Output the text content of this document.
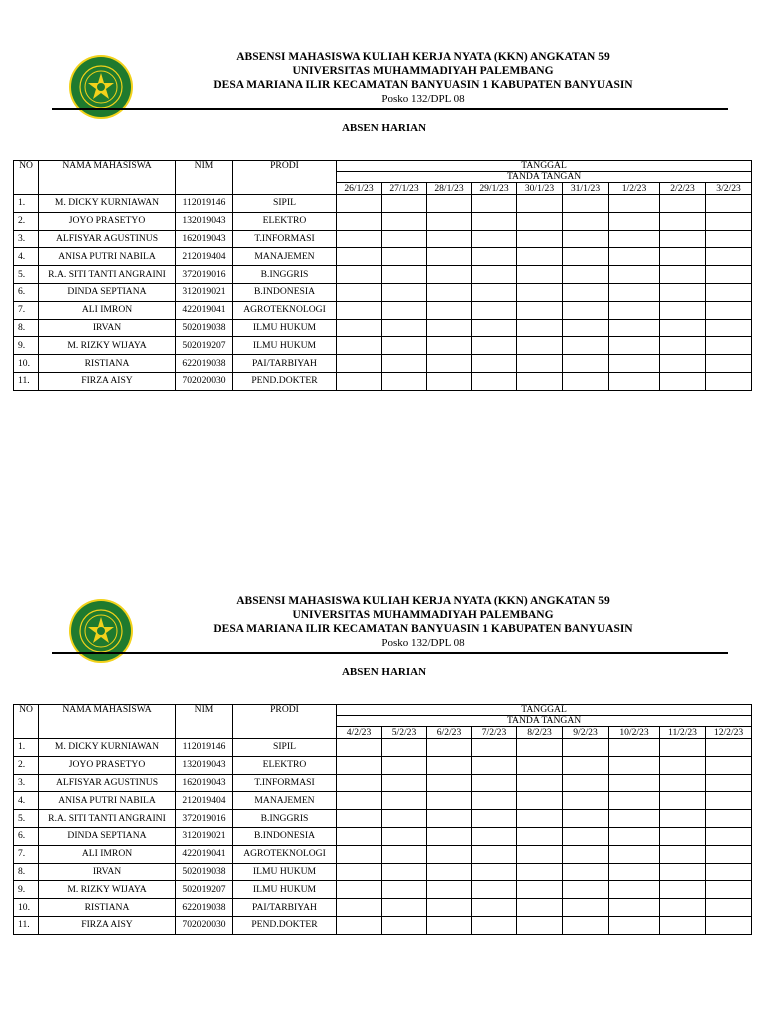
ABSENSI MAHASISWA KULIAH KERJA NYATA (KKN) ANGKATAN 59
UNIVERSITAS MUHAMMADIYAH PALEMBANG
DESA MARIANA ILIR KECAMATAN BANYUASIN 1 KABUPATEN BANYUASIN
Posko 132/DPL 08
ABSEN HARIAN
NO	NAMA MAHASISWA	NIM	PRODI	TANGGAL								
				TANDA TANGAN								
				26/1/23	27/1/23	28/1/23	29/1/23	30/1/23	31/1/23	1/2/23	2/2/23	3/2/23
1.	M. DICKY KURNIAWAN	112019146	SIPIL									
2.	JOYO PRASETYO	132019043	ELEKTRO									
3.	ALFISYAR AGUSTINUS	162019043	T.INFORMASI									
4.	ANISA PUTRI NABILA	212019404	MANAJEMEN									
5.	R.A. SITI TANTI ANGRAINI	372019016	B.INGGRIS									
6.	DINDA SEPTIANA	312019021	B.INDONESIA									
7.	ALI IMRON	422019041	AGROTEKNOLOGI									
8.	IRVAN	502019038	ILMU HUKUM									
9.	M. RIZKY WIJAYA	502019207	ILMU HUKUM									
10.	RISTIANA	622019038	PAI/TARBIYAH									
11.	FIRZA AISY	702020030	PEND.DOKTER									
ABSENSI MAHASISWA KULIAH KERJA NYATA (KKN) ANGKATAN 59
UNIVERSITAS MUHAMMADIYAH PALEMBANG
DESA MARIANA ILIR KECAMATAN BANYUASIN 1 KABUPATEN BANYUASIN
Posko 132/DPL 08
ABSEN HARIAN
NO	NAMA MAHASISWA	NIM	PRODI	TANGGAL								
				TANDA TANGAN								
				4/2/23	5/2/23	6/2/23	7/2/23	8/2/23	9/2/23	10/2/23	11/2/23	12/2/23
1.	M. DICKY KURNIAWAN	112019146	SIPIL									
2.	JOYO PRASETYO	132019043	ELEKTRO									
3.	ALFISYAR AGUSTINUS	162019043	T.INFORMASI									
4.	ANISA PUTRI NABILA	212019404	MANAJEMEN									
5.	R.A. SITI TANTI ANGRAINI	372019016	B.INGGRIS									
6.	DINDA SEPTIANA	312019021	B.INDONESIA									
7.	ALI IMRON	422019041	AGROTEKNOLOGI									
8.	IRVAN	502019038	ILMU HUKUM									
9.	M. RIZKY WIJAYA	502019207	ILMU HUKUM									
10.	RISTIANA	622019038	PAI/TARBIYAH									
11.	FIRZA AISY	702020030	PEND.DOKTER									
